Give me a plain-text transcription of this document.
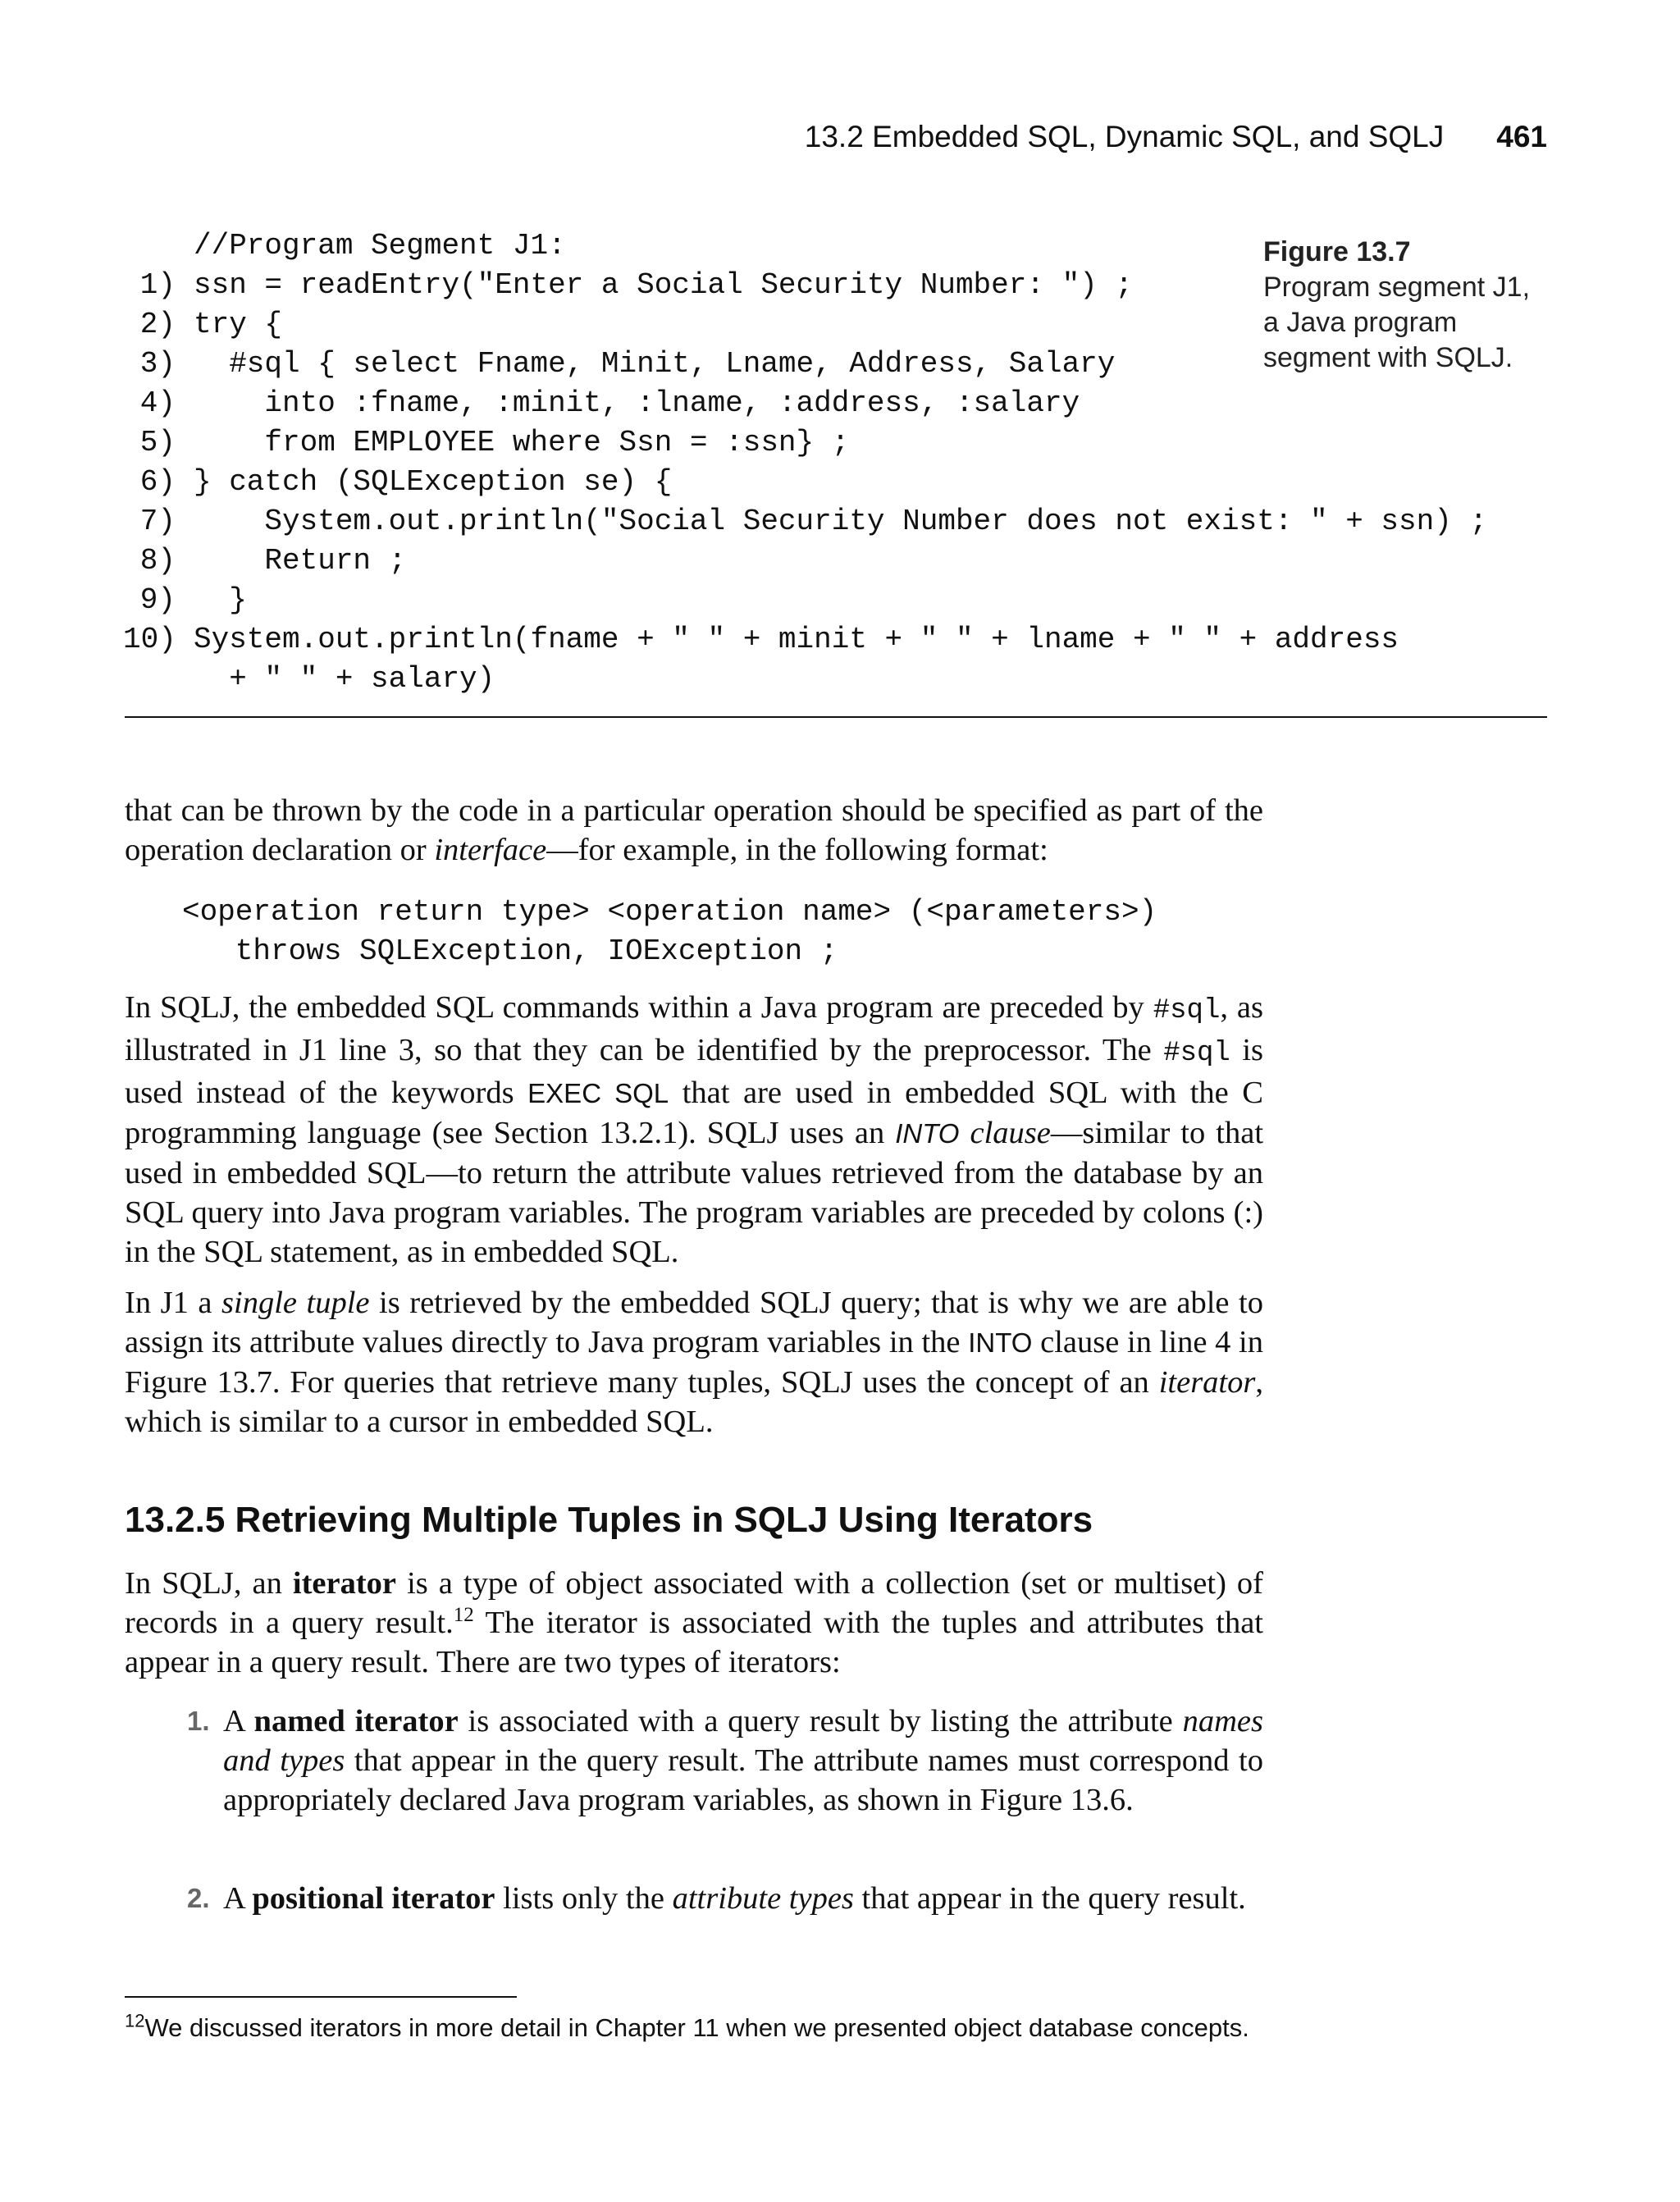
13.2 Embedded SQL, Dynamic SQL, and SQLJ 461
//Program Segment J1:
1) ssn = readEntry("Enter a Social Security Number: ") ;
2) try {
3)  #sql { select Fname, Minit, Lname, Address, Salary
4)    into :fname, :minit, :lname, :address, :salary
5)    from EMPLOYEE where Ssn = :ssn} ;
6) } catch (SQLException se) {
7)    System.out.println("Social Security Number does not exist: " + ssn) ;
8)    Return ;
9)  }
10) System.out.println(fname + " " + minit + " " + lname + " " + address
+ " " + salary)
Figure 13.7
Program segment J1, a Java program segment with SQLJ.
that can be thrown by the code in a particular operation should be specified as part of the operation declaration or interface—for example, in the following format:
<operation return type> <operation name> (<parameters>)
throws SQLException, IOException ;
In SQLJ, the embedded SQL commands within a Java program are preceded by #sql, as illustrated in J1 line 3, so that they can be identified by the preprocessor. The #sql is used instead of the keywords EXEC SQL that are used in embedded SQL with the C programming language (see Section 13.2.1). SQLJ uses an INTO clause—similar to that used in embedded SQL—to return the attribute values retrieved from the database by an SQL query into Java program variables. The program variables are preceded by colons (:) in the SQL statement, as in embedded SQL.
In J1 a single tuple is retrieved by the embedded SQLJ query; that is why we are able to assign its attribute values directly to Java program variables in the INTO clause in line 4 in Figure 13.7. For queries that retrieve many tuples, SQLJ uses the concept of an iterator, which is similar to a cursor in embedded SQL.
13.2.5 Retrieving Multiple Tuples in SQLJ Using Iterators
In SQLJ, an iterator is a type of object associated with a collection (set or multiset) of records in a query result.$^{12}$ The iterator is associated with the tuples and attributes that appear in a query result. There are two types of iterators:
1. A named iterator is associated with a query result by listing the attribute names and types that appear in the query result. The attribute names must correspond to appropriately declared Java program variables, as shown in Figure 13.6.
2. A positional iterator lists only the attribute types that appear in the query result.
$^{12}$We discussed iterators in more detail in Chapter 11 when we presented object database concepts.
